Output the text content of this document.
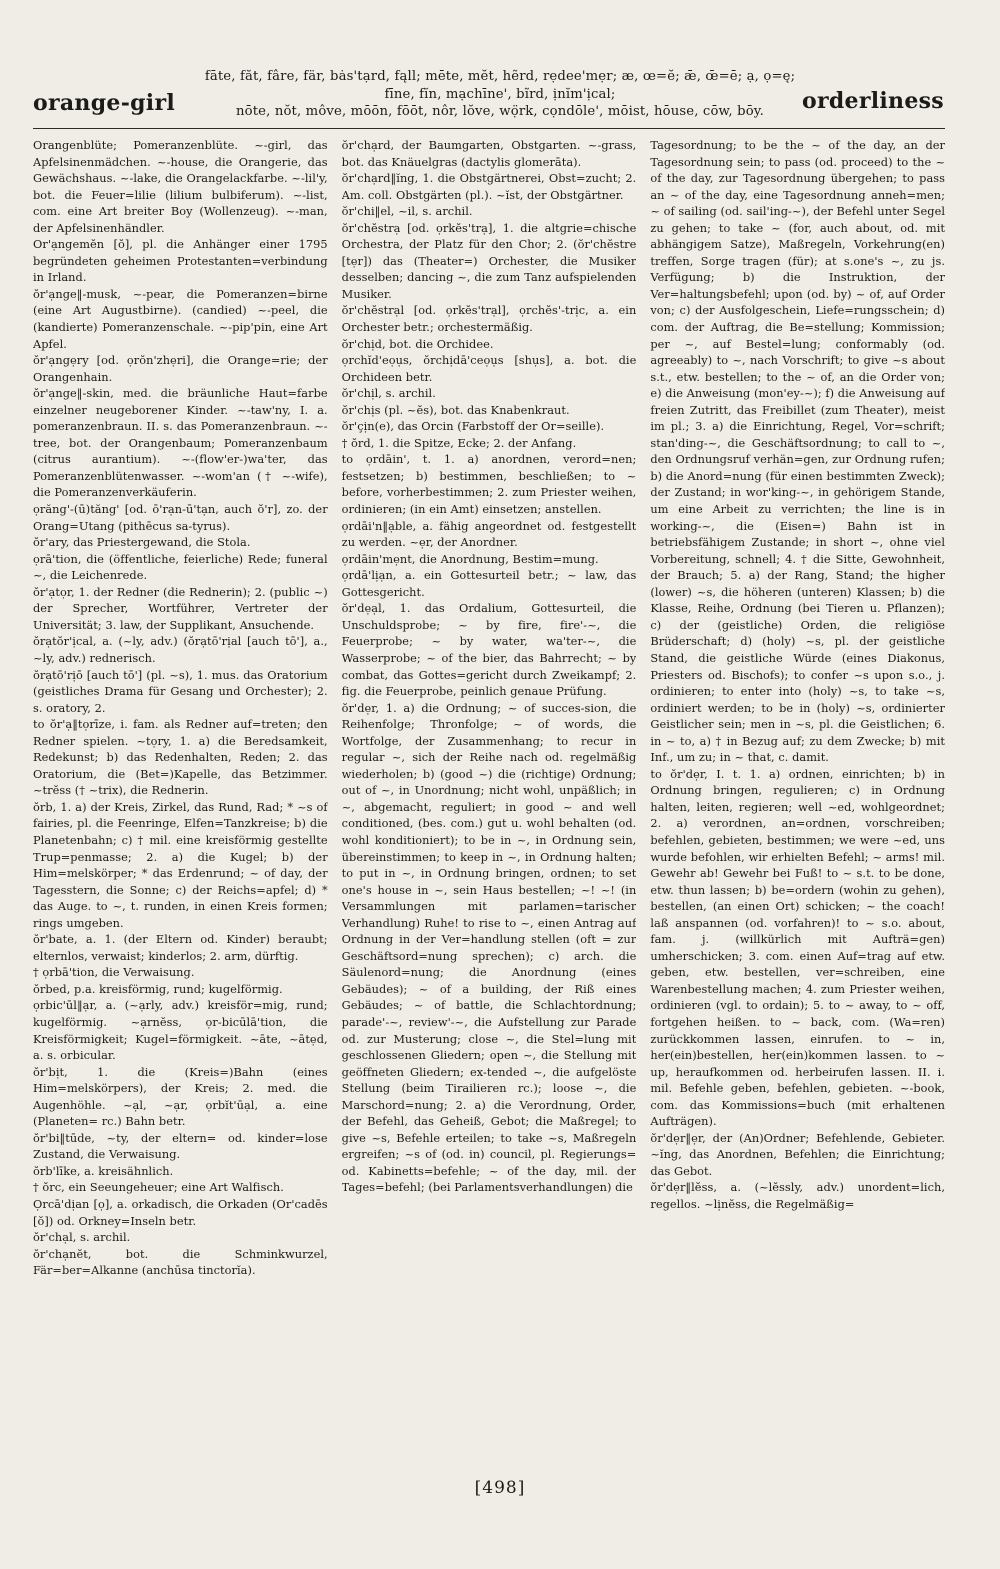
orange-girl
fāte, făt, fâre, fär, bȧs'tạrd, fąll; mēte, mĕt, hẽrd, rẹdee'mẹr; æ, œ=ĕ; ǣ, œ̄=ē; ạ, ọ=ę;
fīne, fĭn, mạchīne', bĩrd, ịnĭm'ịcal;
nōte, nŏt, môve, mōōn, fōōt, nôr, lŏve, wọ̈rk, cọndōle', mōist, hōuse, cōw, bōy.	orderliness

Orangenblüte; Pomeranzenblüte. ~-girl, das Apfelsinenmädchen. ~-house, die Orangerie, das Gewächshaus. ~-lake, die Orangelackfarbe. ~-lil'y, bot. die Feuer=lilie (lilium bulbiferum). ~-list, com. eine Art breiter Boy (Wollenzeug). ~-man, der Apfelsinenhändler.

Or'ạngemĕn [ŏ], pl. die Anhänger einer 1795 begründeten geheimen Protestanten=verbindung in Irland.

ŏr'ạnge‖-musk, ~-pear, die Pomeranzen=birne (eine Art Augustbirne). (candied) ~-peel, die (kandierte) Pomeranzenschale. ~-pip'pin, eine Art Apfel.

ŏr'ạngẹry [od. ọrŏn'zhẹri], die Orange=rie; der Orangenhain.

ŏr'ạnge‖-skin, med. die bräunliche Haut=farbe einzelner neugeborener Kinder. ~-taw'ny, I. a. pomeranzenbraun. II. s. das Pomeranzenbraun. ~-tree, bot. der Orangenbaum; Pomeranzenbaum (citrus aurantium). ~-(flow'er-)wa'ter, das Pomeranzenblütenwasser. ~-wom'an († ~-wife), die Pomeranzenverkäuferin.

ọrăng'-(ū)tăng' [od. ō'rạn-ū'tạn, auch ŏ'r], zo. der Orang=Utang (pithēcus sa-tyrus).

ŏr'ary, das Priestergewand, die Stola.

ọrā'tion, die (öffentliche, feierliche) Rede; funeral ~, die Leichenrede.

ŏr'ạtọr, 1. der Redner (die Rednerin); 2. (public ~) der Sprecher, Wortführer, Vertreter der Universität; 3. law, der Supplikant, Ansuchende.

ŏrạtŏr'ịcal, a. (~ly, adv.) (ŏrạtō'rịal [auch tō'], a., ~ly, adv.) rednerisch.

ŏrạtō'rịō [auch tō'] (pl. ~s), 1. mus. das Oratorium (geistliches Drama für Gesang und Orchester); 2. s. oratory, 2.

to ŏr'ạ‖tọrīze, i. fam. als Redner auf=treten; den Redner spielen. ~tọry, 1. a) die Beredsamkeit, Redekunst; b) das Redenhalten, Reden; 2. das Oratorium, die (Bet=)Kapelle, das Betzimmer. ~trĕss († ~trix), die Rednerin.

ŏrb, 1. a) der Kreis, Zirkel, das Rund, Rad; * ~s of fairies, pl. die Feenringe, Elfen=Tanzkreise; b) die Planetenbahn; c) † mil. eine kreisförmig gestellte Trup=penmasse; 2. a) die Kugel; b) der Him=melskörper; * das Erdenrund; ~ of day, der Tagesstern, die Sonne; c) der Reichs=apfel; d) * das Auge. to ~, t. runden, in einen Kreis formen; rings umgeben.

ŏr'bate, a. 1. (der Eltern od. Kinder) beraubt; elternlos, verwaist; kinderlos; 2. arm, dürftig.

† ọrbā'tion, die Verwaisung.

ŏrbed, p.a. kreisförmig, rund; kugelförmig.

ọrbic'ūl‖ạr, a. (~ạrly, adv.) kreisför=mig, rund; kugelförmig. ~ạrnĕss, ọr-bicūlā'tion, die Kreisförmigkeit; Kugel=förmigkeit. ~āte, ~ātẹd, a. s. orbicular.

ŏr'bịt, 1. die (Kreis=)Bahn (eines Him=melskörpers), der Kreis; 2. med. die Augenhöhle. ~ạl, ~ạr, ọrbĭt'ūạl, a. eine (Planeten= rc.) Bahn betr.

ŏr'bi‖tūde, ~ty, der eltern= od. kinder=lose Zustand, die Verwaisung.

ŏrb'līke, a. kreisähnlich.

† ŏrc, ein Seeungeheuer; eine Art Walfisch.

Ọrcā'dịan [ọ], a. orkadisch, die Orkaden (Or'cadēs [ŏ]) od. Orkney=Inseln betr.

ŏr'chạl, s. archil.

ŏr'chạnĕt, bot. die Schminkwurzel, Fär=ber=Alkanne (anchūsa tinctorĭa).

ŏr'chạrd, der Baumgarten, Obstgarten. ~-grass, bot. das Knäuelgras (dactylis glomerāta).

ŏr'chạrd‖ĭng, 1. die Obstgärtnerei, Obst=zucht; 2. Am. coll. Obstgärten (pl.). ~ĭst, der Obstgärtner.

ŏr'chi‖el, ~il, s. archil.

ŏr'chĕstrạ [od. ọrkĕs'trạ], 1. die altgrie=chische Orchestra, der Platz für den Chor; 2. (ŏr'chĕstre [tẹr]) das (Theater=) Orchester, die Musiker desselben; dancing ~, die zum Tanz aufspielenden Musiker.

ŏr'chĕstrạl [od. ọrkĕs'trạl], ọrchĕs'-trịc, a. ein Orchester betr.; orchestermäßig.

ŏr'chịd, bot. die Orchidee.

ọrchĭd'eọụs, ŏrchịdā'ceọụs [shụs], a. bot. die Orchideen betr.

ŏr'chịl, s. archil.

ŏr'chịs (pl. ~ĕs), bot. das Knabenkraut.

ŏr'çịn(e), das Orcin (Farbstoff der Or=seille).

† ŏrd, 1. die Spitze, Ecke; 2. der Anfang.

to ọrdāin', t. 1. a) anordnen, verord=nen; festsetzen; b) bestimmen, beschließen; to ~ before, vorherbestimmen; 2. zum Priester weihen, ordinieren; (in ein Amt) einsetzen; anstellen.

ọrdāi'n‖ạble, a. fähig angeordnet od. festgestellt zu werden. ~ẹr, der Anordner.

ọrdāin'mẹnt, die Anordnung, Bestim=mung.

ọrdā'lịạn, a. ein Gottesurteil betr.; ~ law, das Gottesgericht.

ŏr'dẹạl, 1. das Ordalium, Gottesurteil, die Unschuldsprobe; ~ by fire, fire'-~, die Feuerprobe; ~ by water, wa'ter-~, die Wasserprobe; ~ of the bier, das Bahrrecht; ~ by combat, das Gottes=gericht durch Zweikampf; 2. fig. die Feuerprobe, peinlich genaue Prüfung.

ŏr'dẹr, 1. a) die Ordnung; ~ of succes-sion, die Reihenfolge; Thronfolge; ~ of words, die Wortfolge, der Zusammenhang; to recur in regular ~, sich der Reihe nach od. regelmäßig wiederholen; b) (good ~) die (richtige) Ordnung; out of ~, in Unordnung; nicht wohl, unpäßlich; in ~, abgemacht, reguliert; in good ~ and well conditioned, (bes. com.) gut u. wohl behalten (od. wohl konditioniert); to be in ~, in Ordnung sein, übereinstimmen; to keep in ~, in Ordnung halten; to put in ~, in Ordnung bringen, ordnen; to set one's house in ~, sein Haus bestellen; ~! ~! (in Versammlungen mit parlamen=tarischer Verhandlung) Ruhe! to rise to ~, einen Antrag auf Ordnung in der Ver=handlung stellen (oft = zur Geschäftsord=nung sprechen); c) arch. die Säulenord=nung; die Anordnung (eines Gebäudes); ~ of a building, der Riß eines Gebäudes; ~ of battle, die Schlachtordnung; parade'-~, review'-~, die Aufstellung zur Parade od. zur Musterung; close ~, die Stel=lung mit geschlossenen Gliedern; open ~, die Stellung mit geöffneten Gliedern; ex-tended ~, die aufgelöste Stellung (beim Tirailieren rc.); loose ~, die Marschord=nung; 2. a) die Verordnung, Order, der Befehl, das Geheiß, Gebot; die Maßregel; to give ~s, Befehle erteilen; to take ~s, Maßregeln ergreifen; ~s of (od. in) council, pl. Regierungs= od. Kabinetts=befehle; ~ of the day, mil. der Tages=befehl; (bei Parlamentsverhandlungen) die

Tagesordnung; to be the ~ of the day, an der Tagesordnung sein; to pass (od. proceed) to the ~ of the day, zur Tagesordnung übergehen; to pass an ~ of the day, eine Tagesordnung anneh=men; ~ of sailing (od. sail'ing-~), der Befehl unter Segel zu gehen; to take ~ (for, auch about, od. mit abhängigem Satze), Maßregeln, Vorkehrung(en) treffen, Sorge tragen (für); at s.one's ~, zu js. Verfügung; b) die Instruktion, der Ver=haltungsbefehl; upon (od. by) ~ of, auf Order von; c) der Ausfolgeschein, Liefe=rungsschein; d) com. der Auftrag, die Be=stellung; Kommission; per ~, auf Bestel=lung; conformably (od. agreeably) to ~, nach Vorschrift; to give ~s about s.t., etw. bestellen; to the ~ of, an die Order von; e) die Anweisung (mon'ey-~); f) die Anweisung auf freien Zutritt, das Freibillet (zum Theater), meist im pl.; 3. a) die Einrichtung, Regel, Vor=schrift; stan'ding-~, die Geschäftsordnung; to call to ~, den Ordnungsruf verhän=gen, zur Ordnung rufen; b) die Anord=nung (für einen bestimmten Zweck); der Zustand; in wor'king-~, in gehörigem Stande, um eine Arbeit zu verrichten; the line is in working-~, die (Eisen=) Bahn ist in betriebsfähigem Zustande; in short ~, ohne viel Vorbereitung, schnell; 4. † die Sitte, Gewohnheit, der Brauch; 5. a) der Rang, Stand; the higher (lower) ~s, die höheren (unteren) Klassen; b) die Klasse, Reihe, Ordnung (bei Tieren u. Pflanzen); c) der (geistliche) Orden, die religiöse Brüderschaft; d) (holy) ~s, pl. der geistliche Stand, die geistliche Würde (eines Diakonus, Priesters od. Bischofs); to confer ~s upon s.o., j. ordinieren; to enter into (holy) ~s, to take ~s, ordiniert werden; to be in (holy) ~s, ordinierter Geistlicher sein; men in ~s, pl. die Geistlichen; 6. in ~ to, a) † in Bezug auf; zu dem Zwecke; b) mit Inf., um zu; in ~ that, c. damit.

to ŏr'dẹr, I. t. 1. a) ordnen, einrichten; b) in Ordnung bringen, regulieren; c) in Ordnung halten, leiten, regieren; well ~ed, wohlgeordnet; 2. a) verordnen, an=ordnen, vorschreiben; befehlen, gebieten, bestimmen; we were ~ed, uns wurde befohlen, wir erhielten Befehl; ~ arms! mil. Gewehr ab! Gewehr bei Fuß! to ~ s.t. to be done, etw. thun lassen; b) be=ordern (wohin zu gehen), bestellen, (an einen Ort) schicken; ~ the coach! laß anspannen (od. vorfahren)! to ~ s.o. about, fam. j. (willkürlich mit Aufträ=gen) umherschicken; 3. com. einen Auf=trag auf etw. geben, etw. bestellen, ver=schreiben, eine Warenbestellung machen; 4. zum Priester weihen, ordinieren (vgl. to ordain); 5. to ~ away, to ~ off, fortgehen heißen. to ~ back, com. (Wa=ren) zurückkommen lassen, einrufen. to ~ in, her(ein)bestellen, her(ein)kommen lassen. to ~ up, heraufkommen od. herbeirufen lassen. II. i. mil. Befehle geben, befehlen, gebieten. ~-book, com. das Kommissions=buch (mit erhaltenen Aufträgen).

ŏr'dẹr‖ẹr, der (An)Ordner; Befehlende, Gebieter. ~ĭng, das Anordnen, Befehlen; die Einrichtung; das Gebot.

ŏr'dẹr‖lĕss, a. (~lĕssly, adv.) unordent=lich, regellos. ~lịnĕss, die Regelmäßig=

[498]
